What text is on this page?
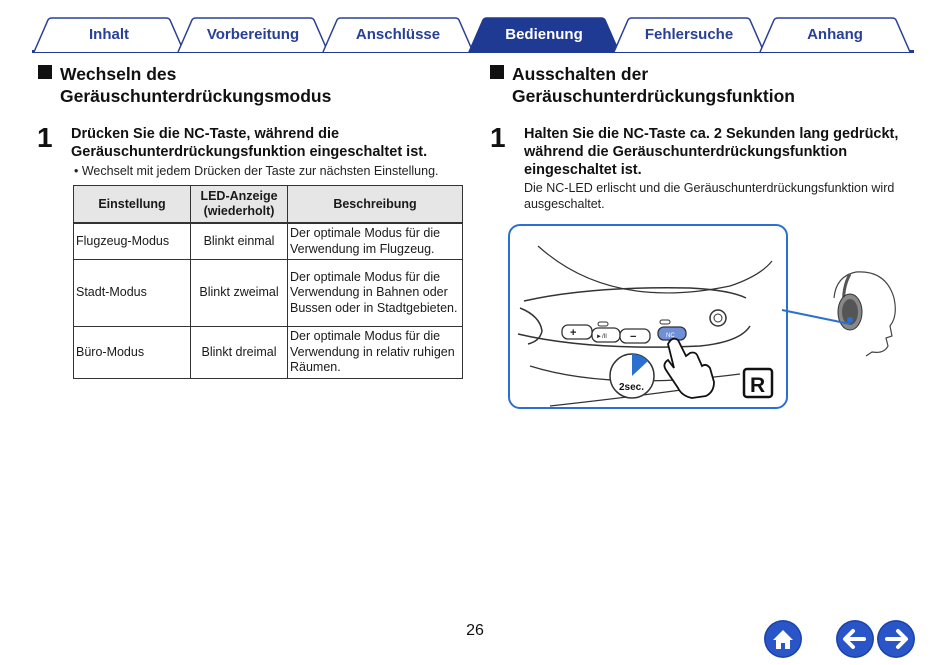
Inhalt	Vorbereitung	Anschlüsse	Bedienung	Fehlersuche	Anhang
Wechseln des
Geräuschunterdrückungsmodus
1 Drücken Sie die NC-Taste, während die
Geräuschunterdrückungsfunktion eingeschaltet ist.
• Wechselt mit jedem Drücken der Taste zur nächsten Einstellung.
Einstellung	LED-Anzeige (wiederholt)	Beschreibung
Flugzeug-Modus	Blinkt einmal	Der optimale Modus für die Verwendung im Flugzeug.
Stadt-Modus	Blinkt zweimal	Der optimale Modus für die Verwendung in Bahnen oder Bussen oder in Stadtgebieten.
Büro-Modus	Blinkt dreimal	Der optimale Modus für die Verwendung in relativ ruhigen Räumen.
Ausschalten der
Geräuschunterdrückungsfunktion
1 Halten Sie die NC-Taste ca. 2 Sekunden lang gedrückt,
während die Geräuschunterdrückungsfunktion
eingeschaltet ist.
Die NC-LED erlischt und die Geräuschunterdrückungsfunktion wird
ausgeschaltet.
+	►/II −	NC
2sec.	R
26
